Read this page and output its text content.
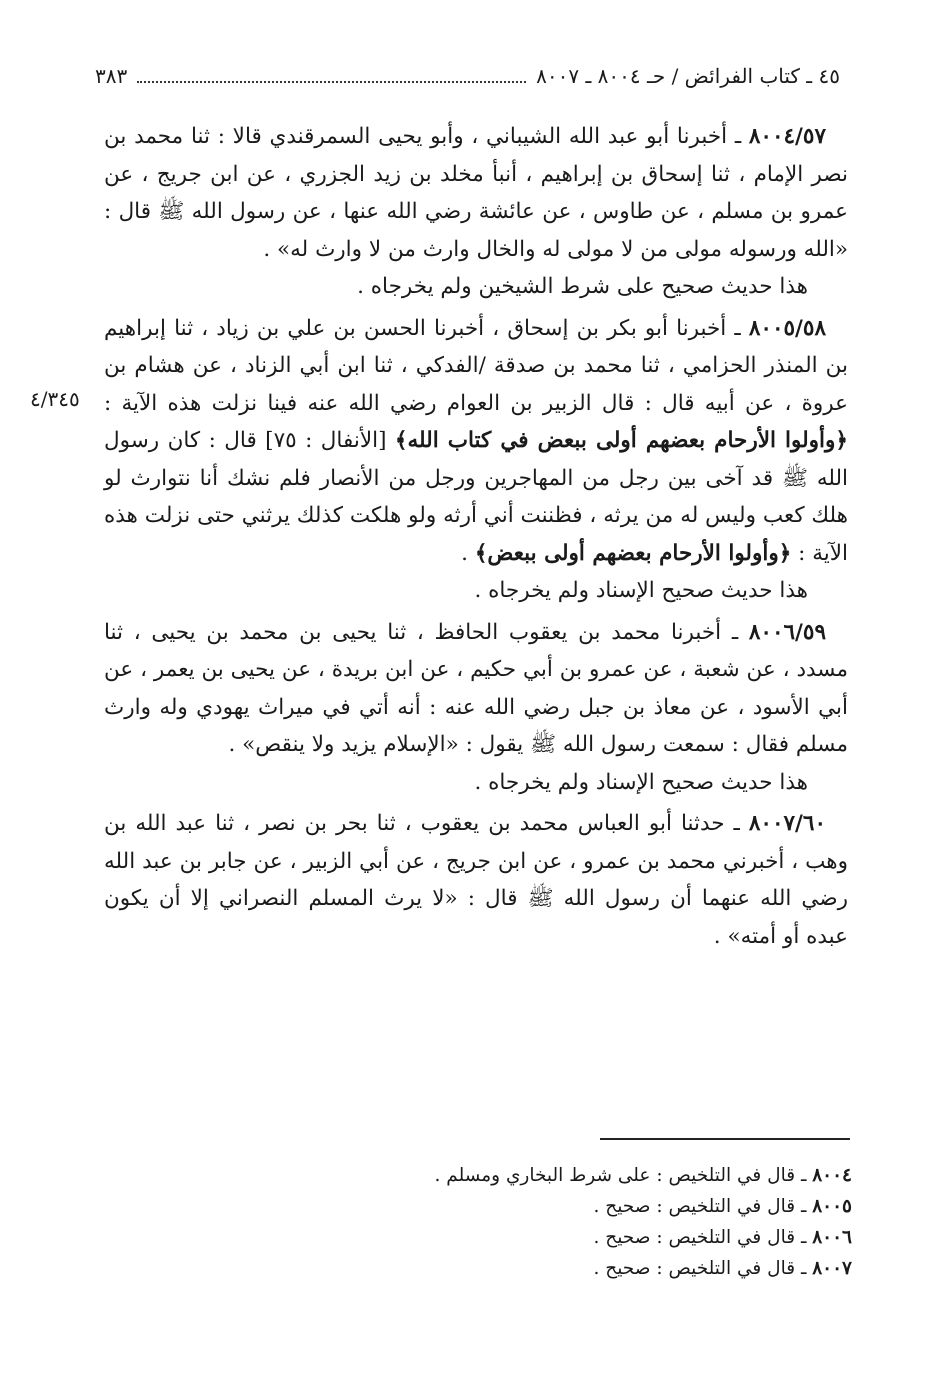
٤٥ ـ كتاب الفرائض / حـ ٨٠٠٤ ـ ٨٠٠٧
٣٨٣
٤/٣٤٥

٨٠٠٤/٥٧ ـ أخبرنا أبو عبد الله الشيباني ، وأبو يحيى السمرقندي قالا : ثنا محمد بن نصر الإمام ، ثنا إسحاق بن إبراهيم ، أنبأ مخلد بن زيد الجزري ، عن ابن جريج ، عن عمرو بن مسلم ، عن طاوس ، عن عائشة رضي الله عنها ، عن رسول الله ﷺ قال : «الله ورسوله مولى من لا مولى له والخال وارث من لا وارث له» .

هذا حديث صحيح على شرط الشيخين ولم يخرجاه .

٨٠٠٥/٥٨ ـ أخبرنا أبو بكر بن إسحاق ، أخبرنا الحسن بن علي بن زياد ، ثنا إبراهيم بن المنذر الحزامي ، ثنا محمد بن صدقة /الفدكي ، ثنا ابن أبي الزناد ، عن هشام بن عروة ، عن أبيه قال : قال الزبير بن العوام رضي الله عنه فينا نزلت هذه الآية : ﴿وأولوا الأرحام بعضهم أولى ببعض في كتاب الله﴾ [الأنفال : ٧٥] قال : كان رسول الله ﷺ قد آخى بين رجل من المهاجرين ورجل من الأنصار فلم نشك أنا نتوارث لو هلك كعب وليس له من يرثه ، فظننت أني أرثه ولو هلكت كذلك يرثني حتى نزلت هذه الآية : ﴿وأولوا الأرحام بعضهم أولى ببعض﴾ .

هذا حديث صحيح الإسناد ولم يخرجاه .

٨٠٠٦/٥٩ ـ أخبرنا محمد بن يعقوب الحافظ ، ثنا يحيى بن محمد بن يحيى ، ثنا مسدد ، عن شعبة ، عن عمرو بن أبي حكيم ، عن ابن بريدة ، عن يحيى بن يعمر ، عن أبي الأسود ، عن معاذ بن جبل رضي الله عنه : أنه أتي في ميراث يهودي وله وارث مسلم فقال : سمعت رسول الله ﷺ يقول : «الإسلام يزيد ولا ينقص» .

هذا حديث صحيح الإسناد ولم يخرجاه .

٨٠٠٧/٦٠ ـ حدثنا أبو العباس محمد بن يعقوب ، ثنا بحر بن نصر ، ثنا عبد الله بن وهب ، أخبرني محمد بن عمرو ، عن ابن جريج ، عن أبي الزبير ، عن جابر بن عبد الله رضي الله عنهما أن رسول الله ﷺ قال : «لا يرث المسلم النصراني إلا أن يكون عبده أو أمته» .

٨٠٠٤ ـ قال في التلخيص : على شرط البخاري ومسلم .

٨٠٠٥ ـ قال في التلخيص : صحيح .

٨٠٠٦ ـ قال في التلخيص : صحيح .

٨٠٠٧ ـ قال في التلخيص : صحيح .
